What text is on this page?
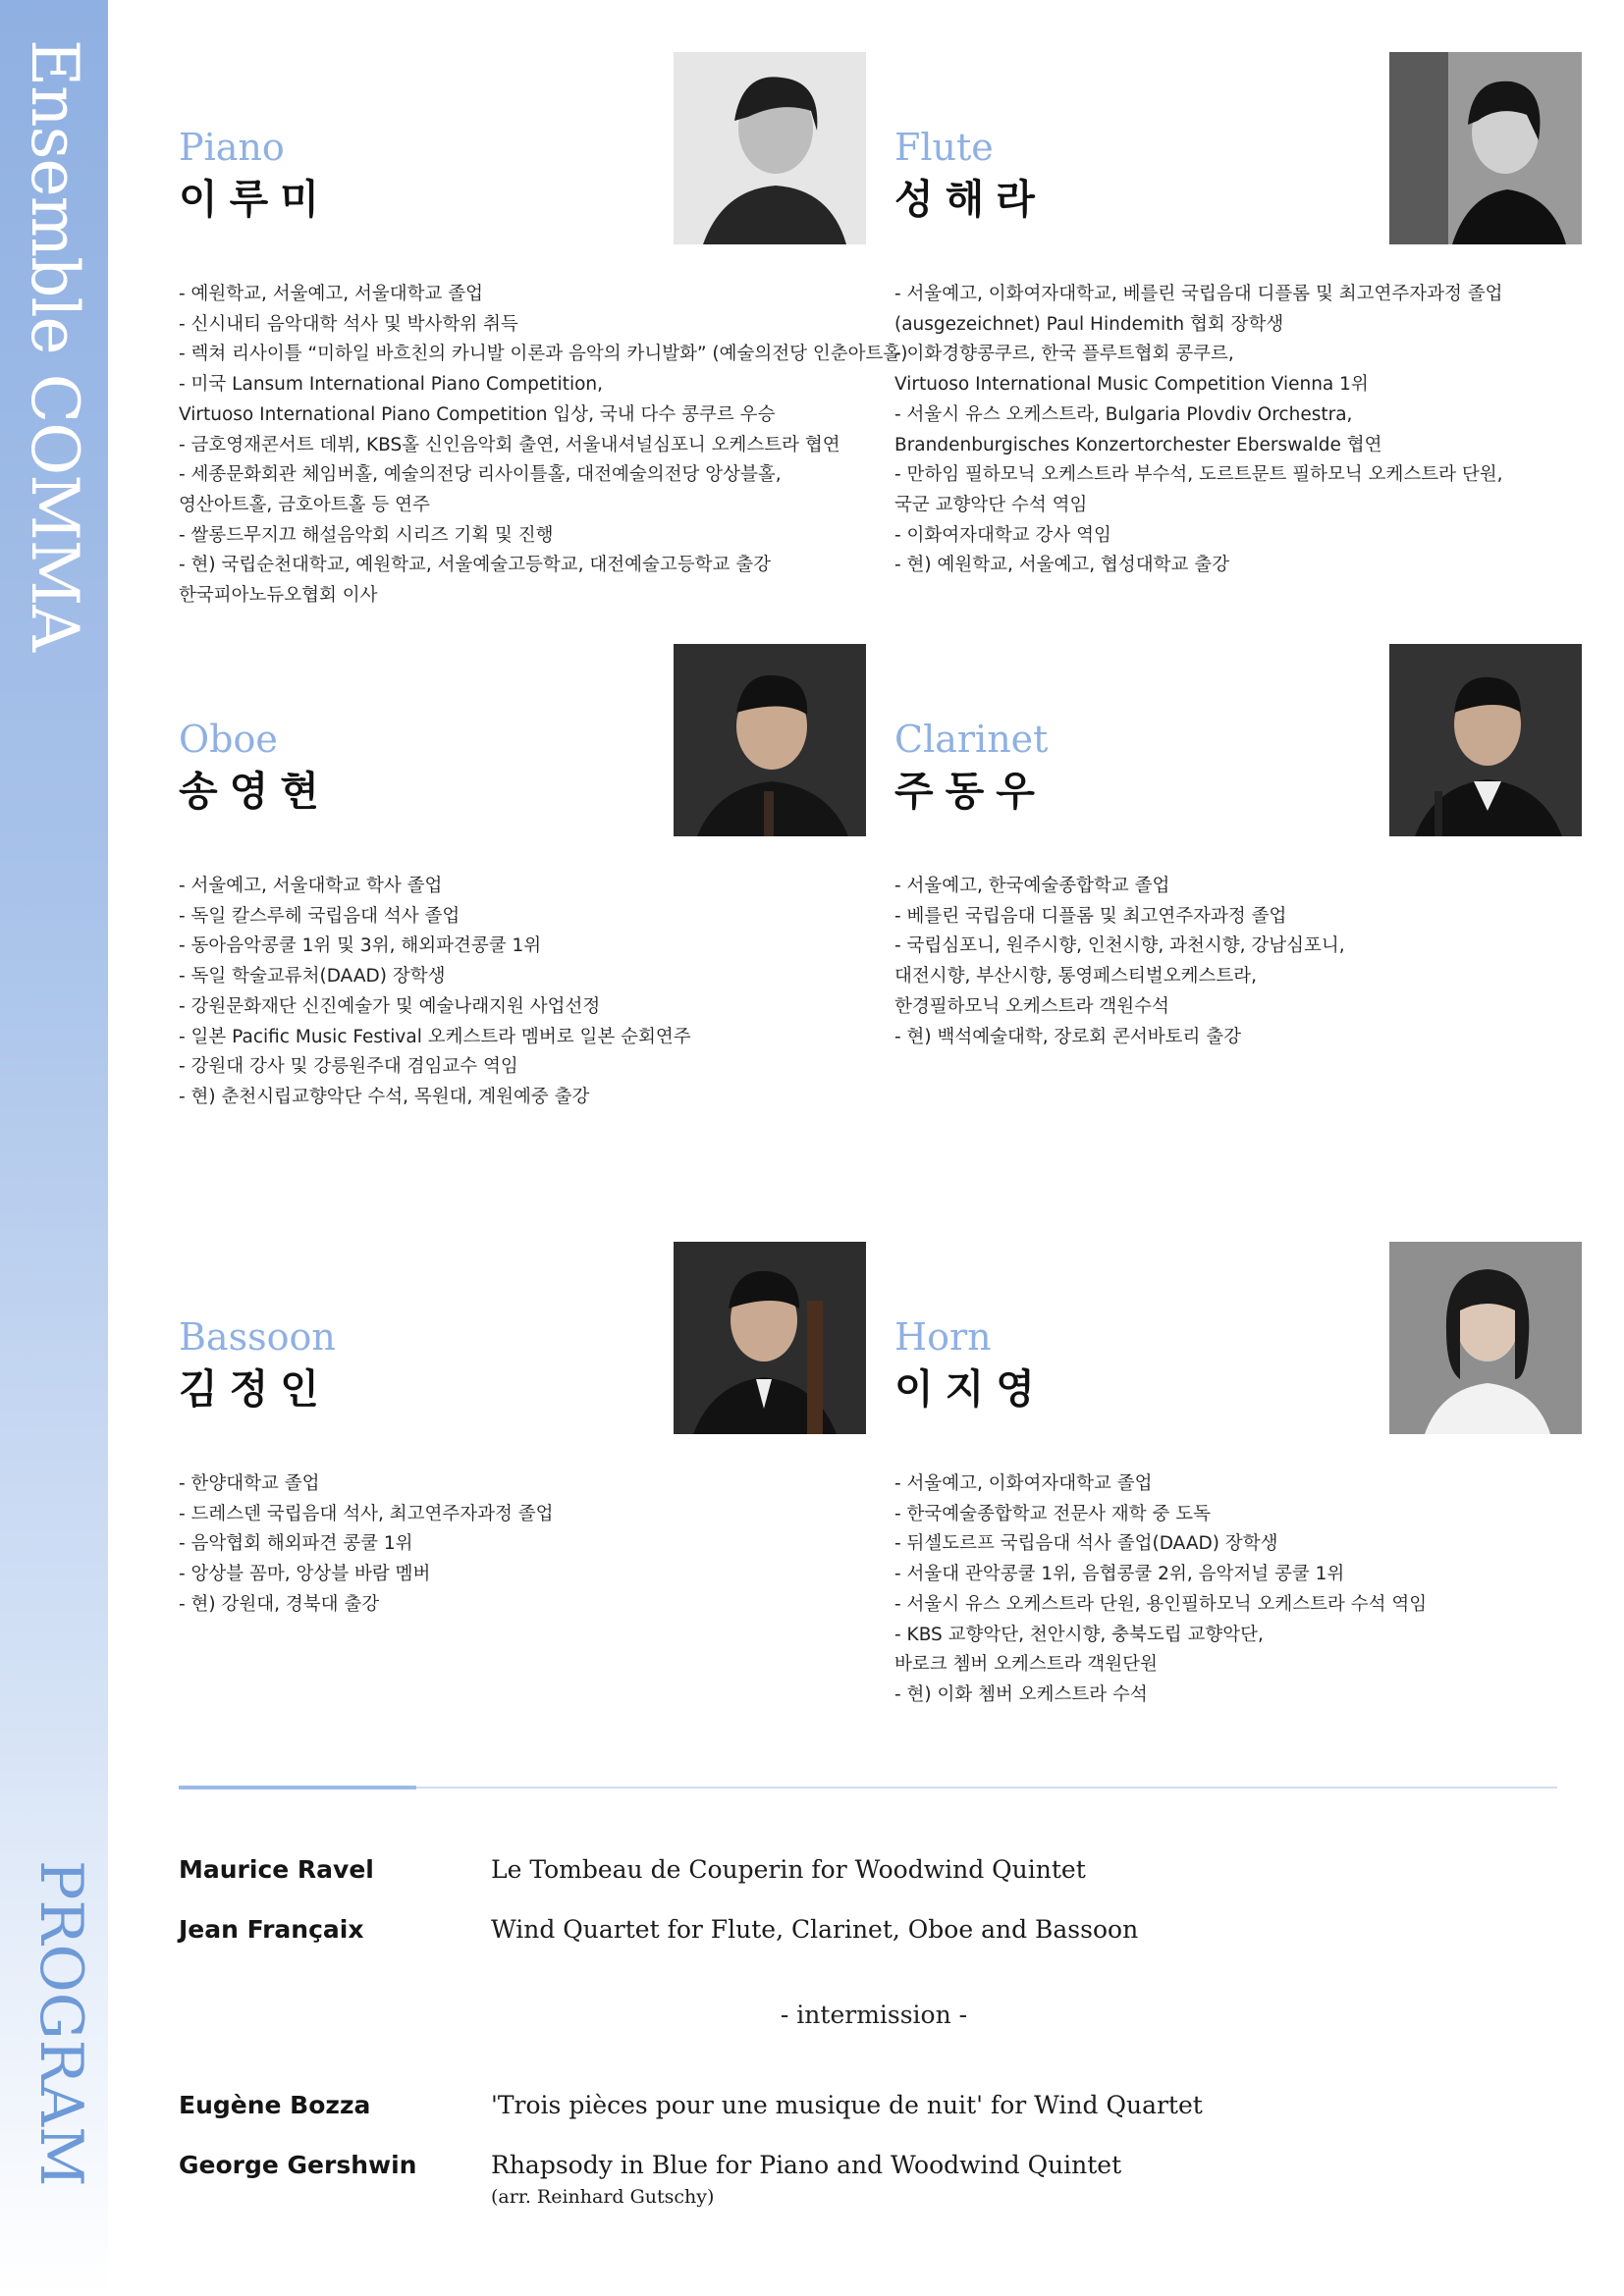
Ensemble COMMA
PROGRAM
Piano
이루미
- 예원학교, 서울예고, 서울대학교 졸업
- 신시내티 음악대학 석사 및 박사학위 취득
- 렉쳐 리사이틀 “미하일 바흐친의 카니발 이론과 음악의 카니발화” (예술의전당 인춘아트홀)
- 미국 Lansum International Piano Competition,
Virtuoso International Piano Competition 입상, 국내 다수 콩쿠르 우승
- 금호영재콘서트 데뷔, KBS홀 신인음악회 출연, 서울내셔널심포니 오케스트라 협연
- 세종문화회관 체임버홀, 예술의전당 리사이틀홀, 대전예술의전당 앙상블홀,
영산아트홀, 금호아트홀 등 연주
- 쌀롱드무지끄 해설음악회 시리즈 기획 및 진행
- 현) 국립순천대학교, 예원학교, 서울예술고등학교, 대전예술고등학교 출강
한국피아노듀오협회 이사
Flute
성해라
- 서울예고, 이화여자대학교, 베를린 국립음대 디플롬 및 최고연주자과정 졸업
(ausgezeichnet) Paul Hindemith 협회 장학생
- 이화경향콩쿠르, 한국 플루트협회 콩쿠르,
Virtuoso International Music Competition Vienna 1위
- 서울시 유스 오케스트라, Bulgaria Plovdiv Orchestra,
Brandenburgisches Konzertorchester Eberswalde 협연
- 만하임 필하모닉 오케스트라 부수석, 도르트문트 필하모닉 오케스트라 단원,
국군 교향악단 수석 역임
- 이화여자대학교 강사 역임
- 현) 예원학교, 서울예고, 협성대학교 출강
Oboe
송영현
- 서울예고, 서울대학교 학사 졸업
- 독일 칼스루헤 국립음대 석사 졸업
- 동아음악콩쿨 1위 및 3위, 해외파견콩쿨 1위
- 독일 학술교류처(DAAD) 장학생
- 강원문화재단 신진예술가 및 예술나래지원 사업선정
- 일본 Pacific Music Festival 오케스트라 멤버로 일본 순회연주
- 강원대 강사 및 강릉원주대 겸임교수 역임
- 현) 춘천시립교향악단 수석, 목원대, 계원예중 출강
Clarinet
주동우
- 서울예고, 한국예술종합학교 졸업
- 베를린 국립음대 디플롬 및 최고연주자과정 졸업
- 국립심포니, 원주시향, 인천시향, 과천시향, 강남심포니,
대전시향, 부산시향, 통영페스티벌오케스트라,
한경필하모닉 오케스트라 객원수석
- 현) 백석예술대학, 장로회 콘서바토리 출강
Bassoon
김정인
- 한양대학교 졸업
- 드레스덴 국립음대 석사, 최고연주자과정 졸업
- 음악협회 해외파견 콩쿨 1위
- 앙상블 꼼마, 앙상블 바람 멤버
- 현) 강원대, 경북대 출강
Horn
이지영
- 서울예고, 이화여자대학교 졸업
- 한국예술종합학교 전문사 재학 중 도독
- 뒤셀도르프 국립음대 석사 졸업(DAAD) 장학생
- 서울대 관악콩쿨 1위, 음협콩쿨 2위, 음악저널 콩쿨 1위
- 서울시 유스 오케스트라 단원, 용인필하모닉 오케스트라 수석 역임
- KBS 교향악단, 천안시향, 충북도립 교향악단,
바로크 쳄버 오케스트라 객원단원
- 현) 이화 쳄버 오케스트라 수석
Maurice Ravel	Le Tombeau de Couperin for Woodwind Quintet
Jean Françaix	Wind Quartet for Flute, Clarinet, Oboe and Bassoon
- intermission -
Eugène Bozza	'Trois pièces pour une musique de nuit' for Wind Quartet
George Gershwin	Rhapsody in Blue for Piano and Woodwind Quintet
(arr. Reinhard Gutschy)
